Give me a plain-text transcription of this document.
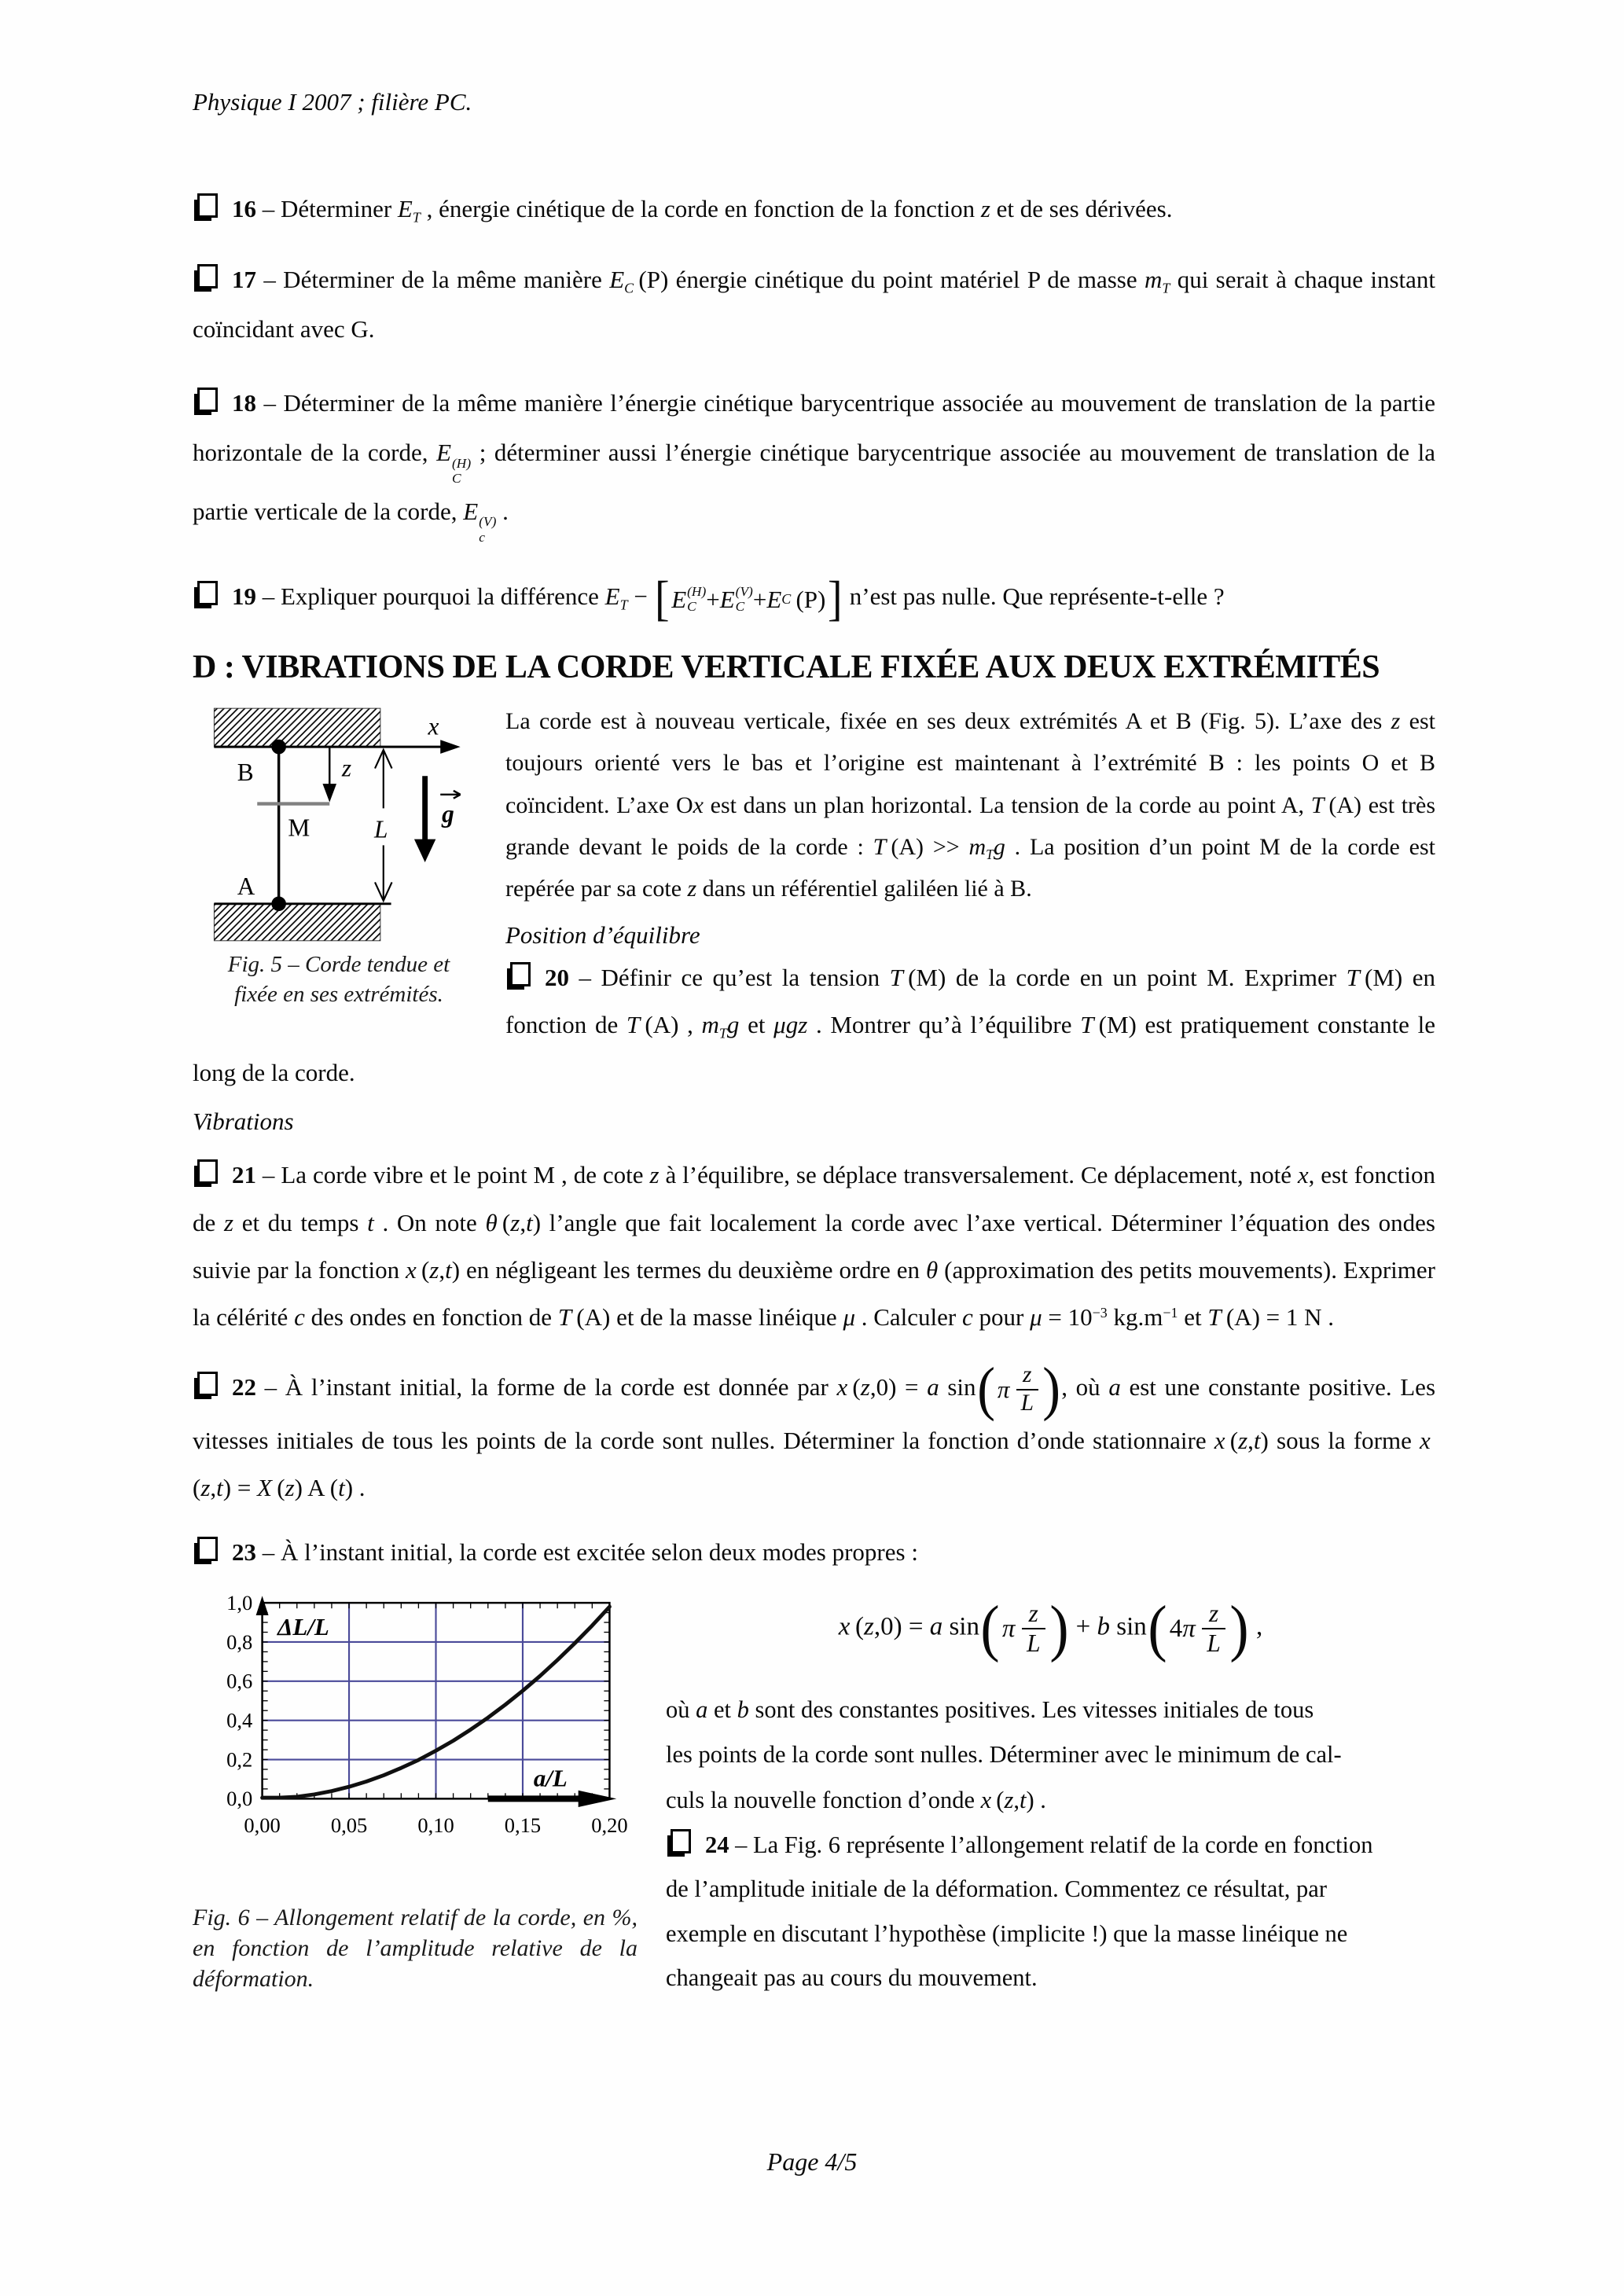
Physique I 2007 ; filière PC.

16 – Déterminer $E_T$ , énergie cinétique de la corde en fonction de la fonction z et de ses dérivées.

17 – Déterminer de la même manière $E_C$ (P) énergie cinétique du point matériel P de masse $m_T$ qui serait à chaque instant coïncidant avec G.

18 – Déterminer de la même manière l’énergie cinétique barycentrique associée au mouvement de translation de la partie horizontale de la corde, E (H)
C
; déterminer aussi l’énergie cinétique barycentrique associée au mouvement de translation de la partie verticale de la corde, E (V)
c
.

19 – Expliquer pourquoi la différence $E_T$ − [ E (H)
C + E (V)
C + E C  (P) ] n’est pas nulle. Que représente-t-elle ?

D : VIBRATIONS DE LA CORDE VERTICALE FIXÉE AUX DEUX EXTRÉMITÉS
x
B	z
M
A
L
g
Fig. 5 – Corde tendue et
fixée en ses extrémités.

La corde est à nouveau verticale, fixée en ses deux extrémités A et B (Fig. 5). L’axe des z est toujours orienté vers le bas et l’origine est maintenant à l’extrémité B : les points O et B coïncident. L’axe Ox est dans un plan horizontal. La tension de la corde au point A, T (A) est très grande devant le poids de la corde : T $(A) >> m_Tg$ . La position d’un point M de la corde est repérée par sa cote z dans un référentiel galiléen lié à B.

Position d’équilibre

20 – Définir ce qu’est la tension T (M) de la corde en un point M. Exprimer T (M) en fonction de T (A) , $m_Tg$ et μgz . Montrer qu’à l’équilibre T (M) est pratiquement constante le long de la corde.

Vibrations

21 – La corde vibre et le point M , de cote z à l’équilibre, se déplace transversalement. Ce déplacement, noté x, est fonction de z et du temps t . On note θ (z,t) l’angle que fait localement la corde avec l’axe vertical. Déterminer l’équation des ondes suivie par la fonction x (z,t) en négligeant les termes du deuxième ordre en θ (approximation des petits mouvements). Exprimer la célérité c des ondes en fonction de T (A) et de la masse linéique μ . Calculer c pour $\mu = 10^{-3}$ $kg.m^{-1}$ et T (A) = 1 N .

22 – À l’instant initial, la forme de la corde est donnée par x (z,0) = a sin ( π
  $\frac{z}{L}$ ) , où a est une constante positive. Les vitesses initiales de tous les points de la corde sont nulles. Déterminer la fonction d’onde stationnaire x (z,t) sous la forme x (z,t) = X (z) A (t) .

23 – À l’instant initial, la corde est excitée selon deux modes propres :

0,00 0,05 0,10 0,15 0,20
0,0
0,2
0,4
0,6
0,8
1,0
ΔL/L
a/L
Fig. 6 – Allongement relatif de la corde, en %, en fonction de l’amplitude relative de la déformation.
x (z,0) = a sin ( π
  $\frac{z}{L}$ ) + b sin ( 4 π
  $\frac{z}{L}$ ) ,

où a et b sont des constantes positives. Les vitesses initiales de tous
les points de la corde sont nulles. Déterminer avec le minimum de cal-
culs la nouvelle fonction d’onde x (z,t) .

24 – La Fig. 6 représente l’allongement relatif de la corde en fonction
de l’amplitude initiale de la déformation. Commentez ce résultat, par
exemple en discutant l’hypothèse (implicite !) que la masse linéique ne
changeait pas au cours du mouvement.

Page 4/5
